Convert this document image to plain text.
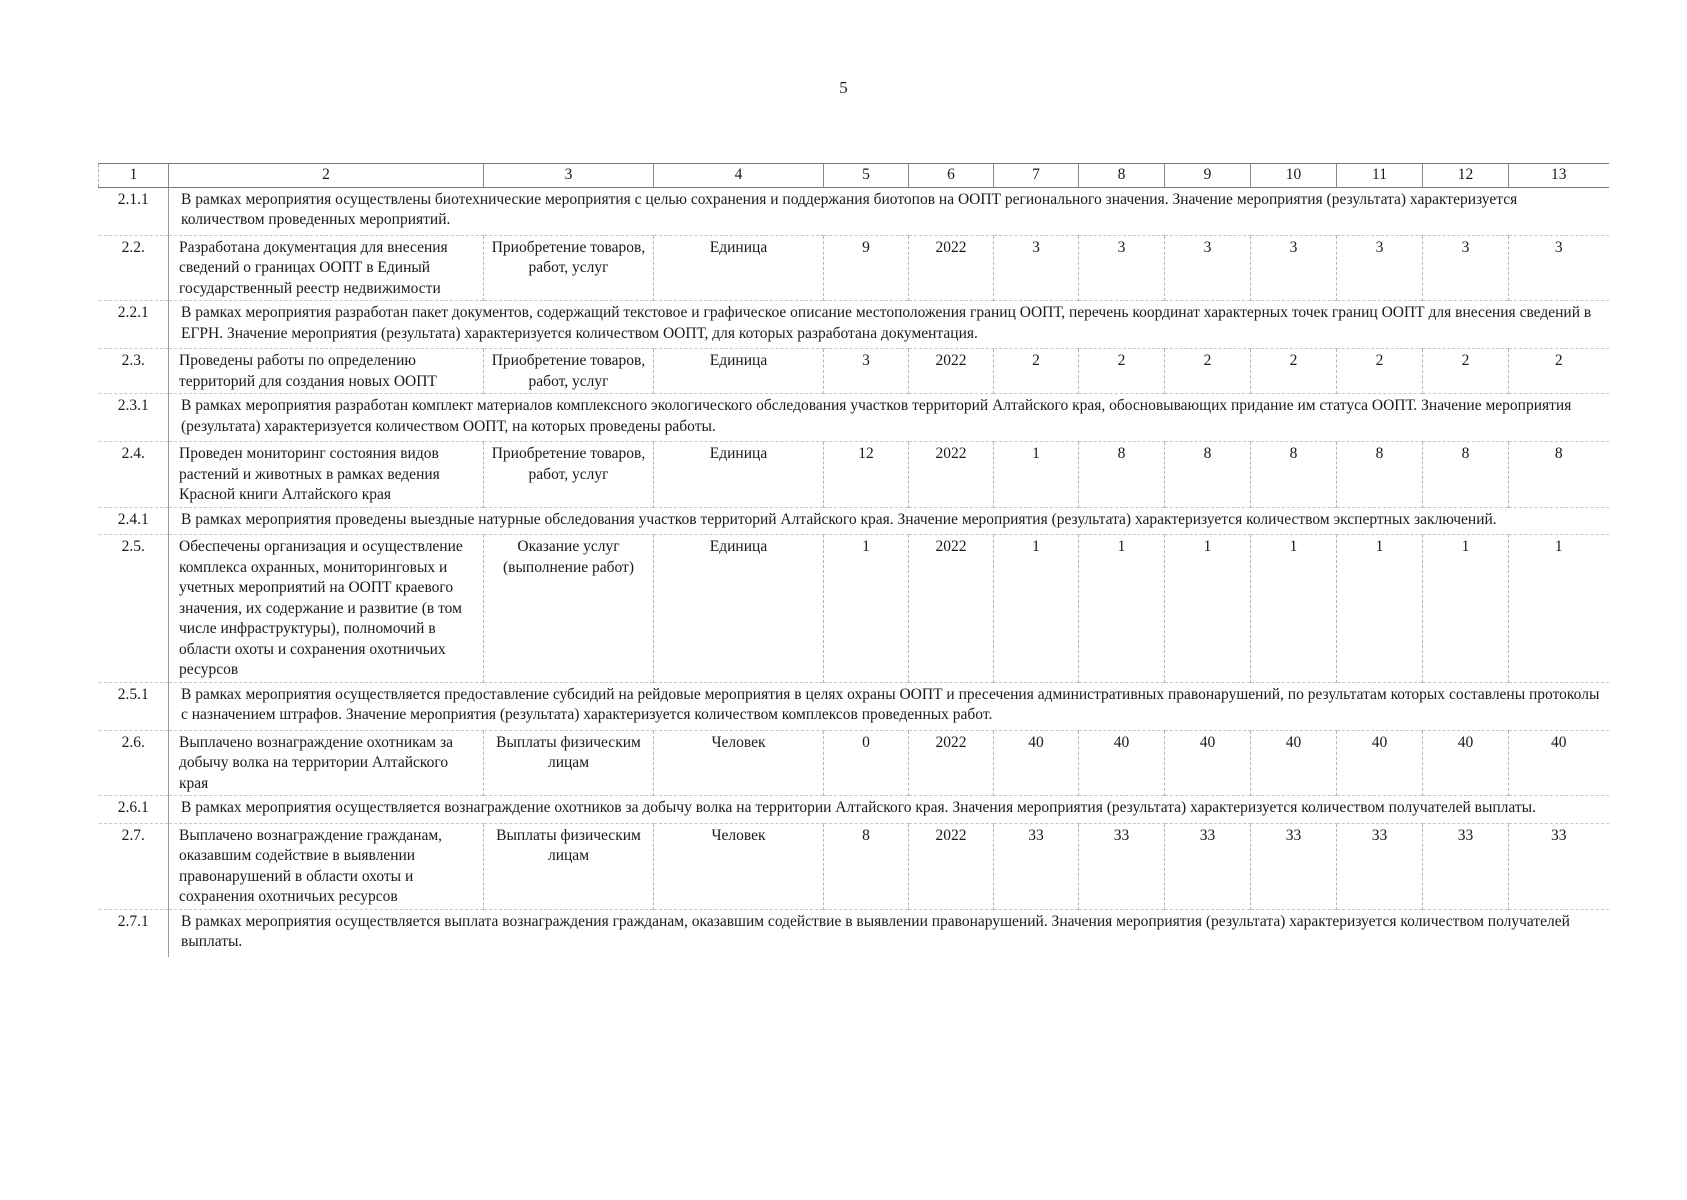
5
1	2	3	4	5	6	7	8	9	10	11	12	13
2.1.1	В рамках мероприятия осуществлены биотехнические мероприятия с целью сохранения и поддержания биотопов на ООПТ регионального значения. Значение мероприятия (результата) характеризуется количеством проведенных мероприятий.											
2.2.	Разработана документация для внесения сведений о границах ООПТ в Единый государственный реестр недвижимости	Приобретение товаров, работ, услуг	Единица	9	2022	3	3	3	3	3	3	3
2.2.1	В рамках мероприятия разработан пакет документов, содержащий текстовое и графическое описание местоположения границ ООПТ, перечень координат характерных точек границ ООПТ для внесения сведений в ЕГРН. Значение мероприятия (результата) характеризуется количеством ООПТ, для которых разработана документация.											
2.3.	Проведены работы по определению территорий для создания новых ООПТ	Приобретение товаров, работ, услуг	Единица	3	2022	2	2	2	2	2	2	2
2.3.1	В рамках мероприятия разработан комплект материалов комплексного экологического обследования участков территорий Алтайского края, обосновывающих придание им статуса ООПТ. Значение мероприятия (результата) характеризуется количеством ООПТ, на которых проведены работы.											
2.4.	Проведен мониторинг состояния видов растений и животных в рамках ведения Красной книги Алтайского края	Приобретение товаров, работ, услуг	Единица	12	2022	1	8	8	8	8	8	8
2.4.1	В рамках мероприятия проведены выездные натурные обследования участков территорий Алтайского края. Значение мероприятия (результата) характеризуется количеством экспертных заключений.											
2.5.	Обеспечены организация и осуществление комплекса охранных, мониторинговых и учетных мероприятий на ООПТ краевого значения, их содержание и развитие (в том числе инфраструктуры), полномочий в области охоты и сохранения охотничьих ресурсов	Оказание услуг (выполнение работ)	Единица	1	2022	1	1	1	1	1	1	1
2.5.1	В рамках мероприятия осуществляется предоставление субсидий на рейдовые мероприятия в целях охраны ООПТ и пресечения административных правонарушений, по результатам которых составлены протоколы с назначением штрафов. Значение мероприятия (результата) характеризуется количеством комплексов проведенных работ.											
2.6.	Выплачено вознаграждение охотникам за добычу волка на территории Алтайского края	Выплаты физическим лицам	Человек	0	2022	40	40	40	40	40	40	40
2.6.1	В рамках мероприятия осуществляется вознаграждение охотников за добычу волка на территории Алтайского края. Значения мероприятия (результата) характеризуется количеством получателей выплаты.											
2.7.	Выплачено вознаграждение гражданам, оказавшим содействие в выявлении правонарушений в области охоты и сохранения охотничьих ресурсов	Выплаты физическим лицам	Человек	8	2022	33	33	33	33	33	33	33
2.7.1	В рамках мероприятия осуществляется выплата вознаграждения гражданам, оказавшим содействие в выявлении правонарушений. Значения мероприятия (результата) характеризуется количеством получателей выплаты.											
